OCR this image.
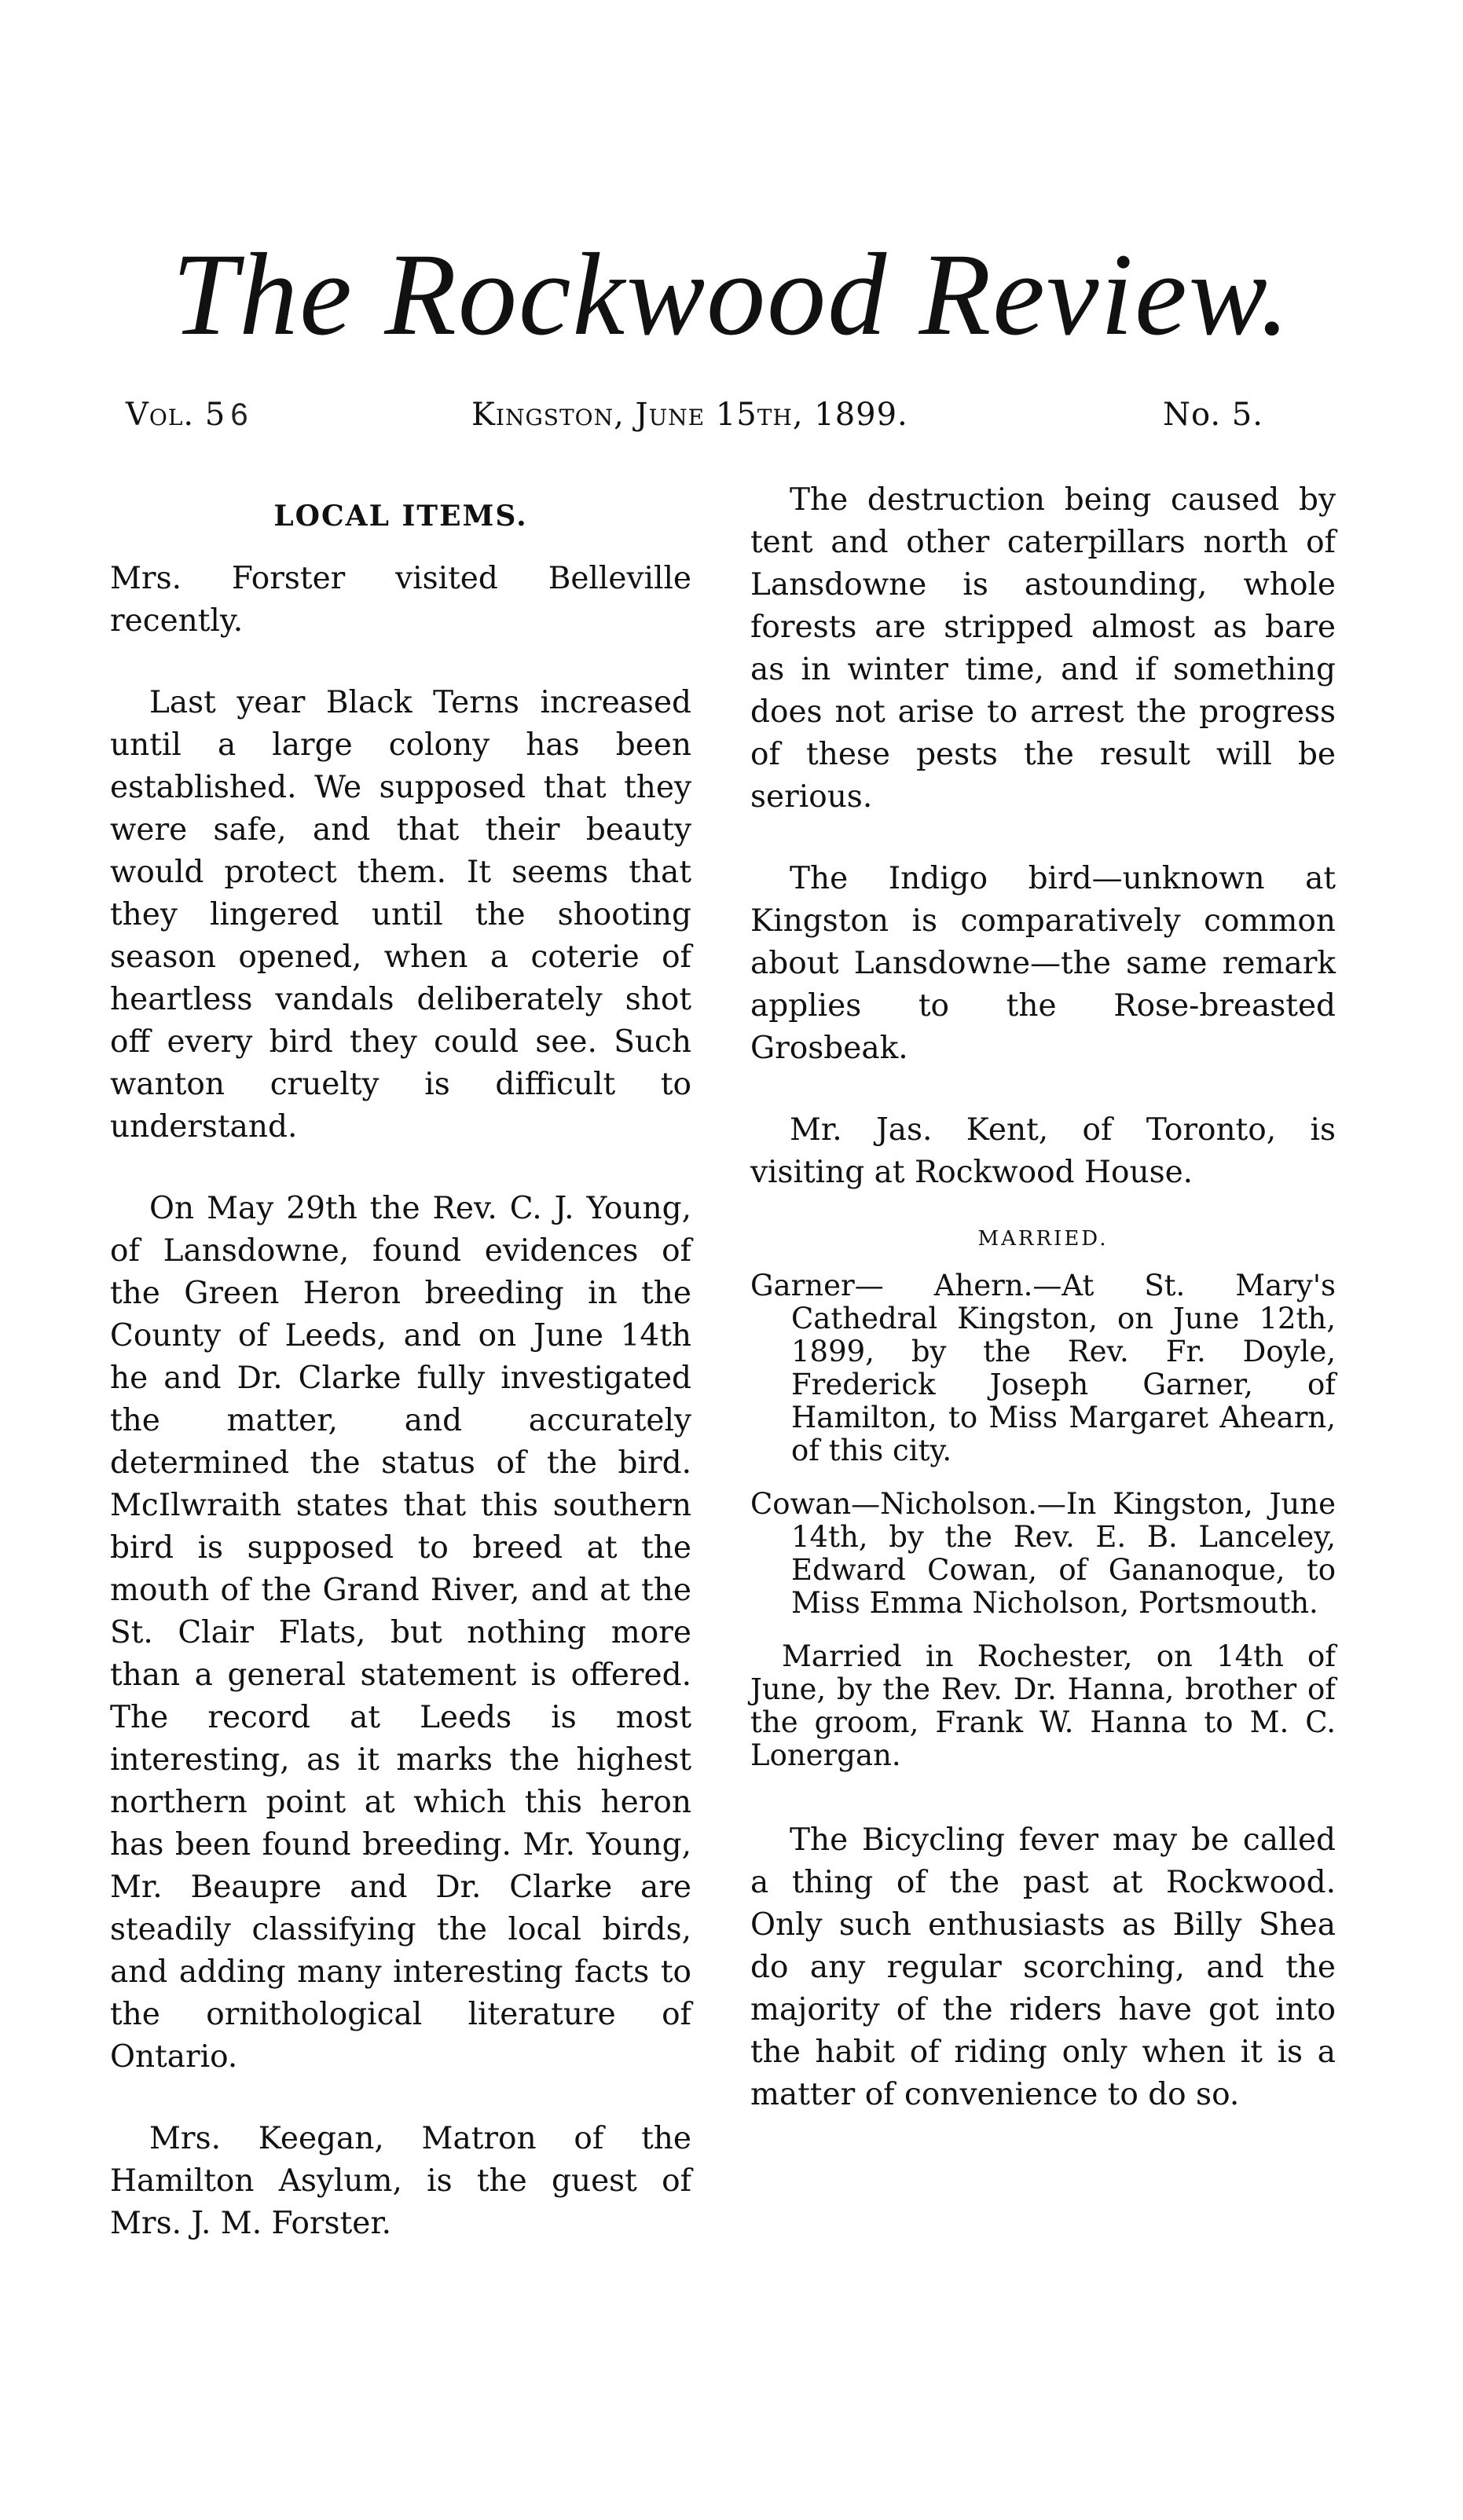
The Rockwood Review.
Vol. 5 6	Kingston, June 15th, 1899.	No. 5.
LOCAL ITEMS.

Mrs. Forster visited Belleville recently.

Last year Black Terns increased until a large colony has been established. We supposed that they were safe, and that their beauty would protect them. It seems that they lingered until the shooting season opened, when a coterie of heartless vandals deliberately shot off every bird they could see. Such wanton cruelty is difficult to understand.

On May 29th the Rev. C. J. Young, of Lansdowne, found evidences of the Green Heron breeding in the County of Leeds, and on June 14th he and Dr. Clarke fully investigated the matter, and accurately determined the status of the bird. McIlwraith states that this southern bird is supposed to breed at the mouth of the Grand River, and at the St. Clair Flats, but nothing more than a general statement is offered. The record at Leeds is most interesting, as it marks the highest northern point at which this heron has been found breeding. Mr. Young, Mr. Beaupre and Dr. Clarke are steadily classifying the local birds, and adding many interesting facts to the ornithological literature of Ontario.

Mrs. Keegan, Matron of the Hamilton Asylum, is the guest of Mrs. J. M. Forster.

The destruction being caused by tent and other caterpillars north of Lansdowne is astounding, whole forests are stripped almost as bare as in winter time, and if something does not arise to arrest the progress of these pests the result will be serious.

The Indigo bird—unknown at Kingston is comparatively common about Lansdowne—the same remark applies to the Rose-breasted Grosbeak.

Mr. Jas. Kent, of Toronto, is visiting at Rockwood House.

MARRIED.
Garner— Ahern.—At St. Mary's Cathedral Kingston, on June 12th, 1899, by the Rev. Fr. Doyle, Frederick Joseph Garner, of Hamilton, to Miss Margaret Ahearn, of this city.
Cowan—Nicholson.—In Kingston, June 14th, by the Rev. E. B. Lanceley, Edward Cowan, of Gananoque, to Miss Emma Nicholson, Portsmouth.
Married in Rochester, on 14th of June, by the Rev. Dr. Hanna, brother of the groom, Frank W. Hanna to M. C. Lonergan.

The Bicycling fever may be called a thing of the past at Rockwood. Only such enthusiasts as Billy Shea do any regular scorching, and the majority of the riders have got into the habit of riding only when it is a matter of convenience to do so.
